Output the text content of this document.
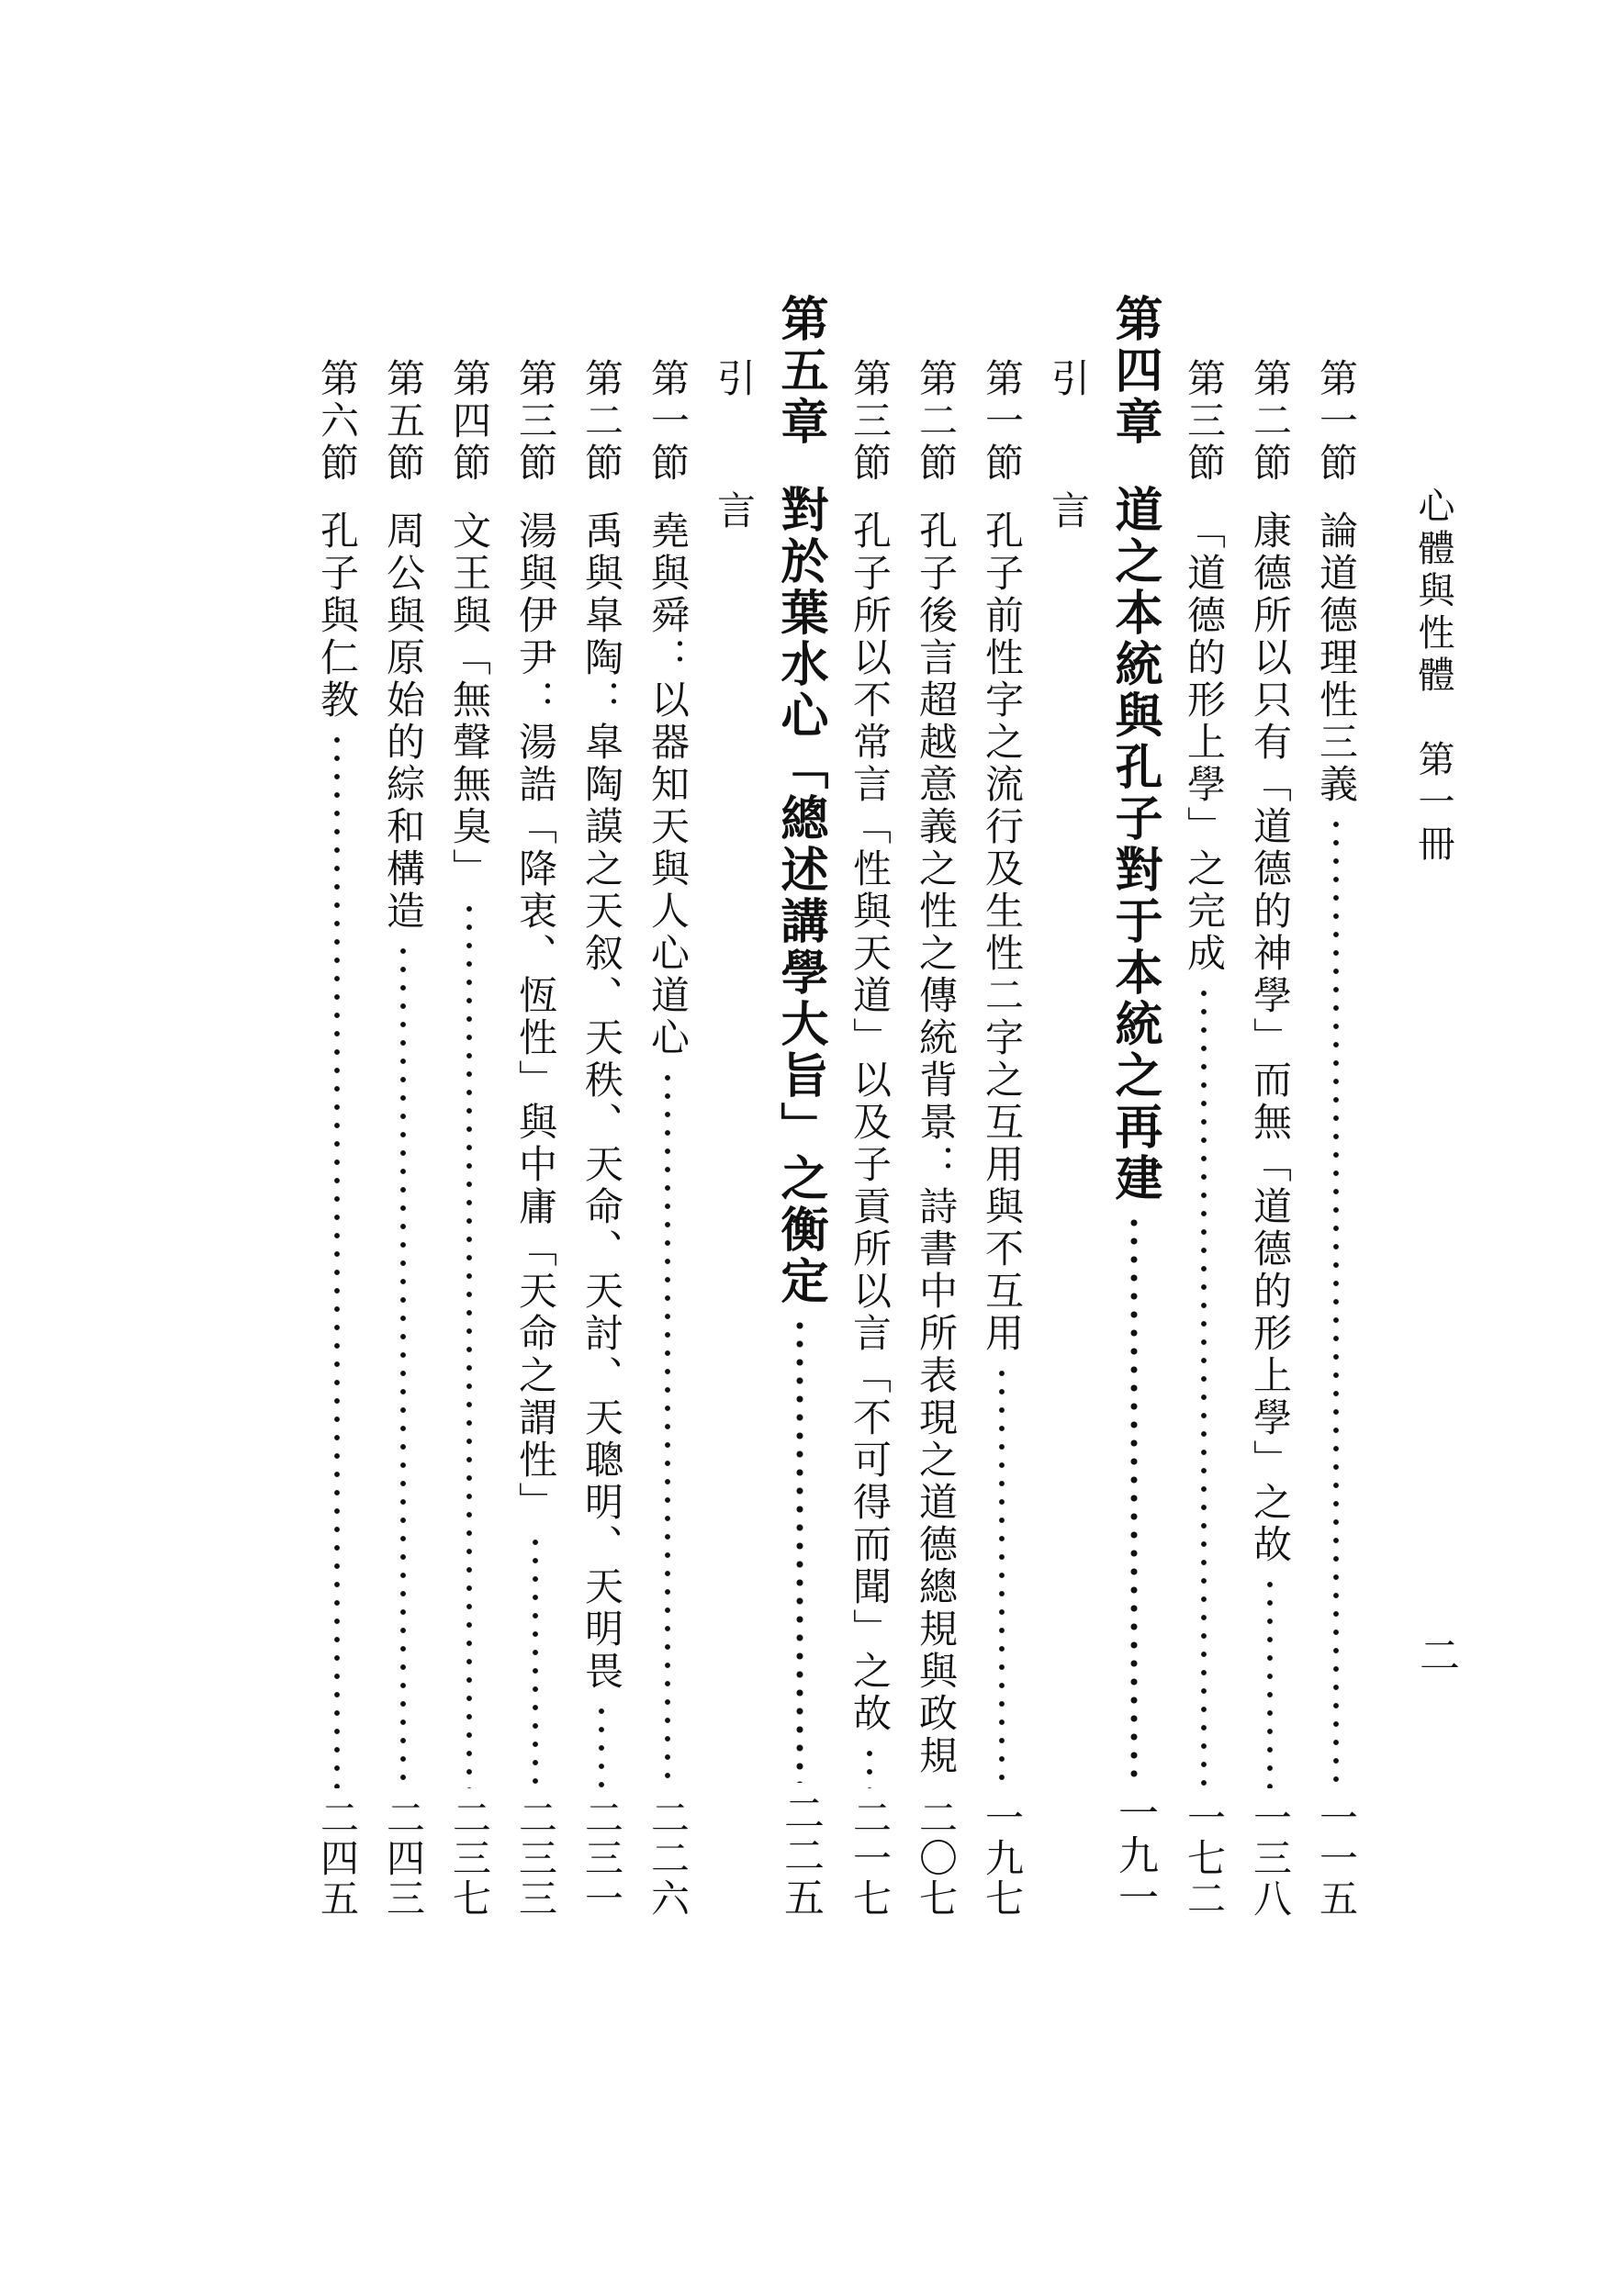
心體與性體　第一冊
二
第一節
論道德理性三義
一一五
第二節
康德所以只有「道德的神學」而無「道德的形上學」之故
一三八
第三節
「道德的形上學」之完成
一七二
第四章
道之本統與孔子對于本統之再建
一九一
引　言
第一節
孔子前性字之流行及生性二字之互用與不互用
一九七
第二節
孔子後言超越意義之性之傳統背景：詩書中所表現之道德總規與政規
二〇七
第三節
孔子所以不常言「性與天道」以及子貢所以言「不可得而聞」之故
二一七
第五章
對於葉水心「總述講學大旨」之衡定
二二五
引　言
第一節
堯與舜：以器知天與人心道心
二二六
第二節
禹與皐陶：皐陶謨之天叙、天秩、天命、天討、天聰明、天明畏
二三一
第三節
湯與伊尹：湯誥「降衷、恆性」與中庸「天命之謂性」
二三三
第四節
文王與「無聲無臭」
二三七
第五節
周公與原始的綜和構造
二四三
第六節
孔子與仁教
二四五
